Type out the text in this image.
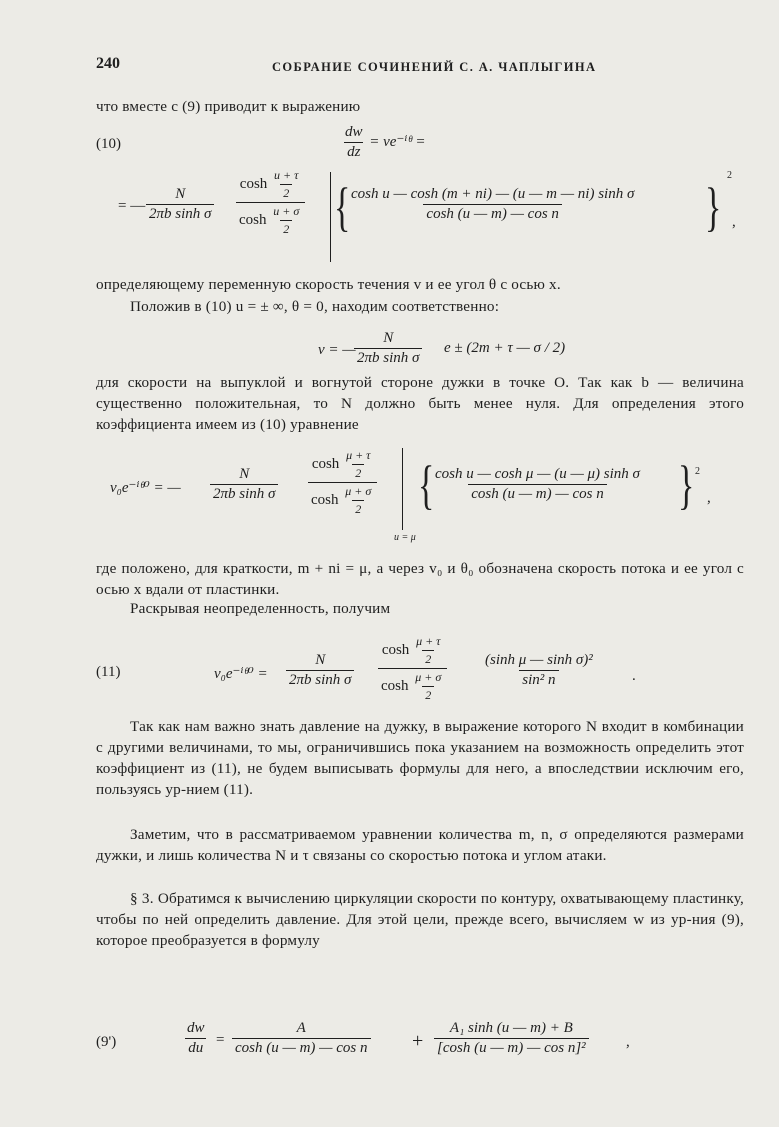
240	СОБРАНИЕ СОЧИНЕНИЙ С. А. ЧАПЛЫГИНА
что вместе с (9) приводит к выражению
(10)	$\frac{dw}{dz}$ = ve⁻ⁱᶿ =
= — $\frac{N}{\text{2πb sinh σ}} \frac{\cosh \frac{u + \tau}{2}}{\cosh \frac{u + \sigma}{2}}$ {
$\frac{\text{cosh u — cosh (m + ni) — (u — m — ni) sinh σ}}{\text{cosh (u — m) — cos n}}$ }
2
,
определяющему переменную скорость течения v и ее угол θ с осью x.
Положив в (10) u = ± ∞, θ = 0, находим соответственно:
v = —
$\frac{N}{\text{2πb sinh σ}}$ e ± (2m + τ — σ / 2)
для скорости на выпуклой и вогнутой стороне дужки в точке O. Так как b — величина существенно положительная, то N должно быть менее нуля. Для определения этого коэффициента имеем из (10) уравнение
v₀e⁻ⁱᶿ⁰ = — $\frac{N}{\text{2πb sinh σ}} \frac{\cosh \frac{\mu + \tau}{2}}{\cosh \frac{\mu + \sigma}{2}}$ {
$\frac{\text{cosh u — cosh μ — (u — μ) sinh σ}}{\text{cosh (u — m) — cos n}}$ } 2
,
u = μ
где положено, для краткости, m + ni = μ, а через v₀ и θ₀ обозначена скорость потока и ее угол с осью x вдали от пластинки.
Раскрывая неопределенность, получим
(11)	v₀e⁻ⁱᶿ⁰ = $\frac{N}{\text{2πb sinh σ}} \frac{\cosh \frac{\mu + \tau}{2}}{\cosh \frac{\mu + \sigma}{2}} \frac{\text{(sinh μ — sinh σ)²}}{\text{sin² n}}$ .
Так как нам важно знать давление на дужку, в выражение которого N входит в комбинации с другими величинами, то мы, ограничившись пока указанием на возможность определить этот коэффициент из (11), не будем выписывать формулы для него, а впоследствии исключим его, пользуясь ур-нием (11).
Заметим, что в рассматриваемом уравнении количества m, n, σ определяются размерами дужки, и лишь количества N и τ связаны со скоростью потока и углом атаки.
§ 3. Обратимся к вычислению циркуляции скорости по контуру, охватывающему пластинку, чтобы по ней определить давление. Для этой цели, прежде всего, вычисляем w из ур-ния (9), которое преобразуется в формулу
(9')	$\frac{dw}{du} = \frac{A}{\text{cosh (u — m) — cos n}} + \frac{\text{A₁ sinh (u — m) + B}}{\text{[cosh (u — m) — cos n]²}}$ ,
